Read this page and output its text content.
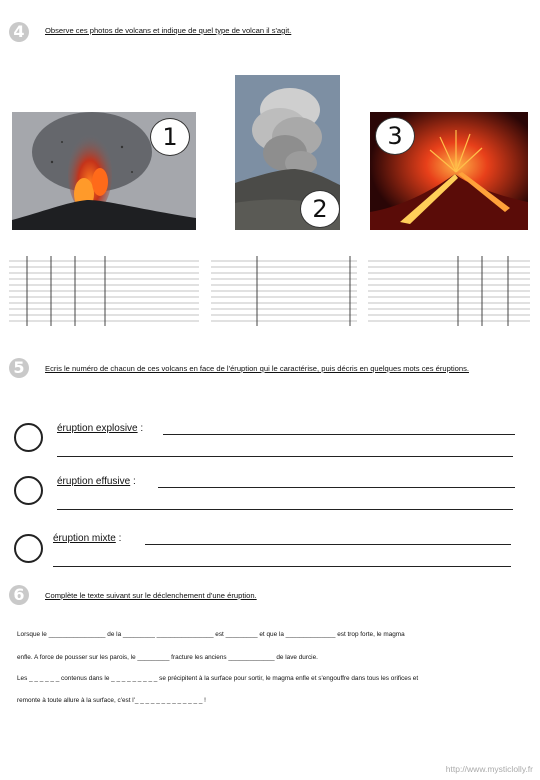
4	Observe ces photos de volcans et indique de quel type de volcan il s'agit.
1
2
3
5	Ecris le numéro de chacun de ces volcans en face de l'éruption qui le caractérise, puis décris en quelques mots ces éruptions.
éruption explosive :
éruption effusive :
éruption mixte :
6	Complète le texte suivant sur le déclenchement d'une éruption.
Lorsque le ________________ de la _________ ________________ est _________ et que la ______________ est trop forte, le magma
enfle. A force de pousser sur les parois, le _________ fracture les anciens _____________ de lave durcie.
Les _ _ _ _ _ _ contenus dans le _ _ _ _ _ _ _ _ _ se précipitent à la surface pour sortir, le magma enfle et s'engouffre dans tous les orifices et
remonte à toute allure à la surface, c'est l'_ _ _ _ _ _ _ _ _ _ _ _ _ !
http://www.mysticlolly.fr
